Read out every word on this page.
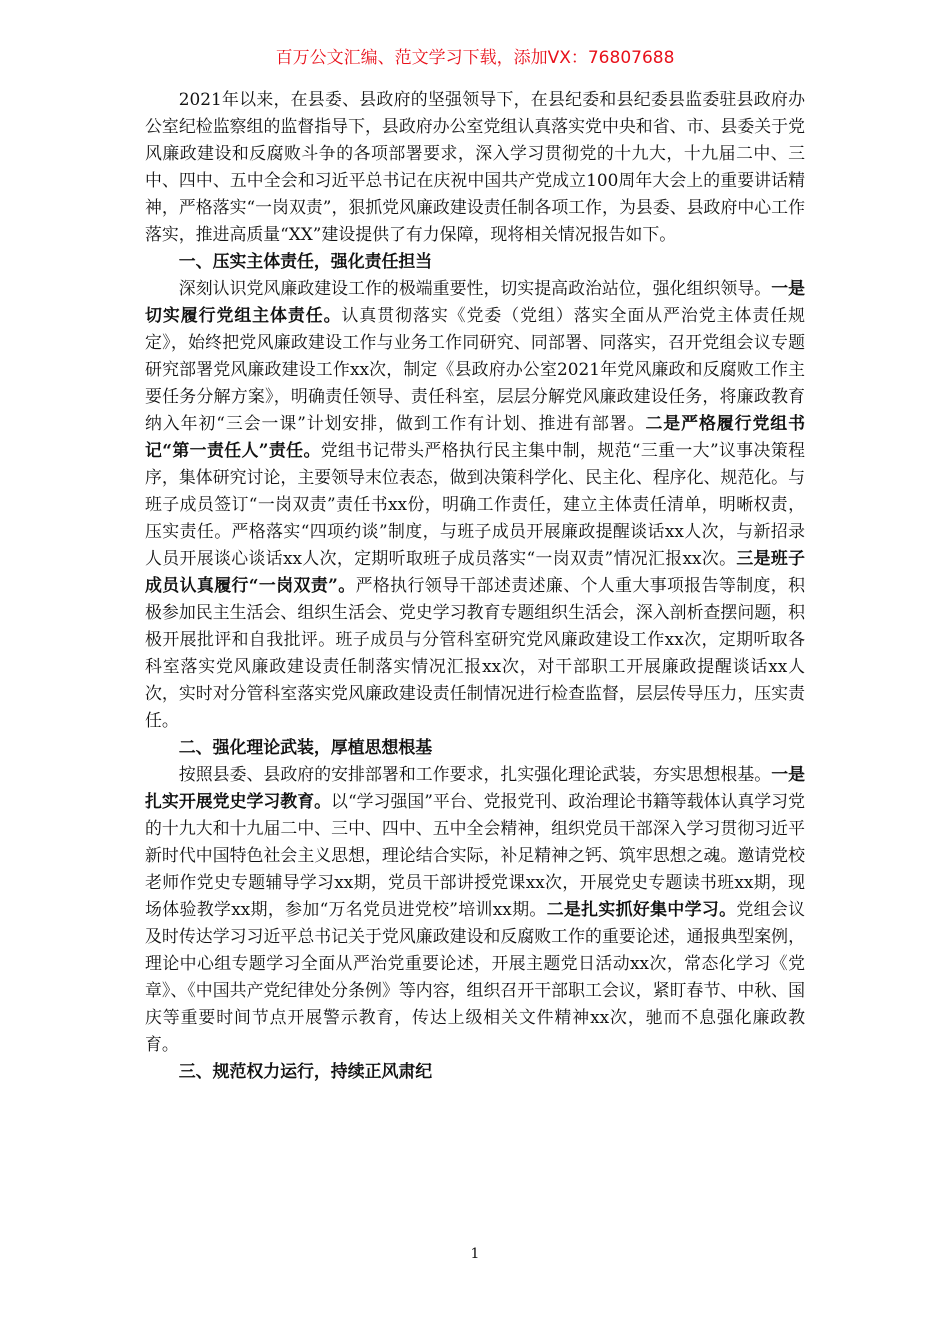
百万公文汇编、范文学习下载，添加VX：76807688

2021年以来，在县委、县政府的坚强领导下，在县纪委和县纪委县监委驻县政府办公室纪检监察组的监督指导下，县政府办公室党组认真落实党中央和省、市、县委关于党风廉政建设和反腐败斗争的各项部署要求，深入学习贯彻党的十九大，十九届二中、三中、四中、五中全会和习近平总书记在庆祝中国共产党成立100周年大会上的重要讲话精神，严格落实“一岗双责”，狠抓党风廉政建设责任制各项工作，为县委、县政府中心工作落实，推进高质量“XX”建设提供了有力保障，现将相关情况报告如下。

一、压实主体责任，强化责任担当

深刻认识党风廉政建设工作的极端重要性，切实提高政治站位，强化组织领导。一是切实履行党组主体责任。认真贯彻落实《党委（党组）落实全面从严治党主体责任规定》，始终把党风廉政建设工作与业务工作同研究、同部署、同落实，召开党组会议专题研究部署党风廉政建设工作xx次，制定《县政府办公室2021年党风廉政和反腐败工作主要任务分解方案》，明确责任领导、责任科室，层层分解党风廉政建设任务，将廉政教育纳入年初“三会一课”计划安排，做到工作有计划、推进有部署。二是严格履行党组书记“第一责任人”责任。党组书记带头严格执行民主集中制，规范“三重一大”议事决策程序，集体研究讨论，主要领导末位表态，做到决策科学化、民主化、程序化、规范化。与班子成员签订“一岗双责”责任书xx份，明确工作责任，建立主体责任清单，明晰权责，压实责任。严格落实“四项约谈”制度，与班子成员开展廉政提醒谈话xx人次，与新招录人员开展谈心谈话xx人次，定期听取班子成员落实“一岗双责”情况汇报xx次。三是班子成员认真履行“一岗双责”。严格执行领导干部述责述廉、个人重大事项报告等制度，积极参加民主生活会、组织生活会、党史学习教育专题组织生活会，深入剖析查摆问题，积极开展批评和自我批评。班子成员与分管科室研究党风廉政建设工作xx次，定期听取各科室落实党风廉政建设责任制落实情况汇报xx次，对干部职工开展廉政提醒谈话xx人次，实时对分管科室落实党风廉政建设责任制情况进行检查监督，层层传导压力，压实责任。

二、强化理论武装，厚植思想根基

按照县委、县政府的安排部署和工作要求，扎实强化理论武装，夯实思想根基。一是扎实开展党史学习教育。以“学习强国”平台、党报党刊、政治理论书籍等载体认真学习党的十九大和十九届二中、三中、四中、五中全会精神，组织党员干部深入学习贯彻习近平新时代中国特色社会主义思想，理论结合实际，补足精神之钙、筑牢思想之魂。邀请党校老师作党史专题辅导学习xx期，党员干部讲授党课xx次，开展党史专题读书班xx期，现场体验教学xx期，参加“万名党员进党校”培训xx期。二是扎实抓好集中学习。党组会议及时传达学习习近平总书记关于党风廉政建设和反腐败工作的重要论述，通报典型案例，理论中心组专题学习全面从严治党重要论述，开展主题党日活动xx次，常态化学习《党章》、《中国共产党纪律处分条例》等内容，组织召开干部职工会议，紧盯春节、中秋、国庆等重要时间节点开展警示教育，传达上级相关文件精神xx次，驰而不息强化廉政教育。

三、规范权力运行，持续正风肃纪

1
